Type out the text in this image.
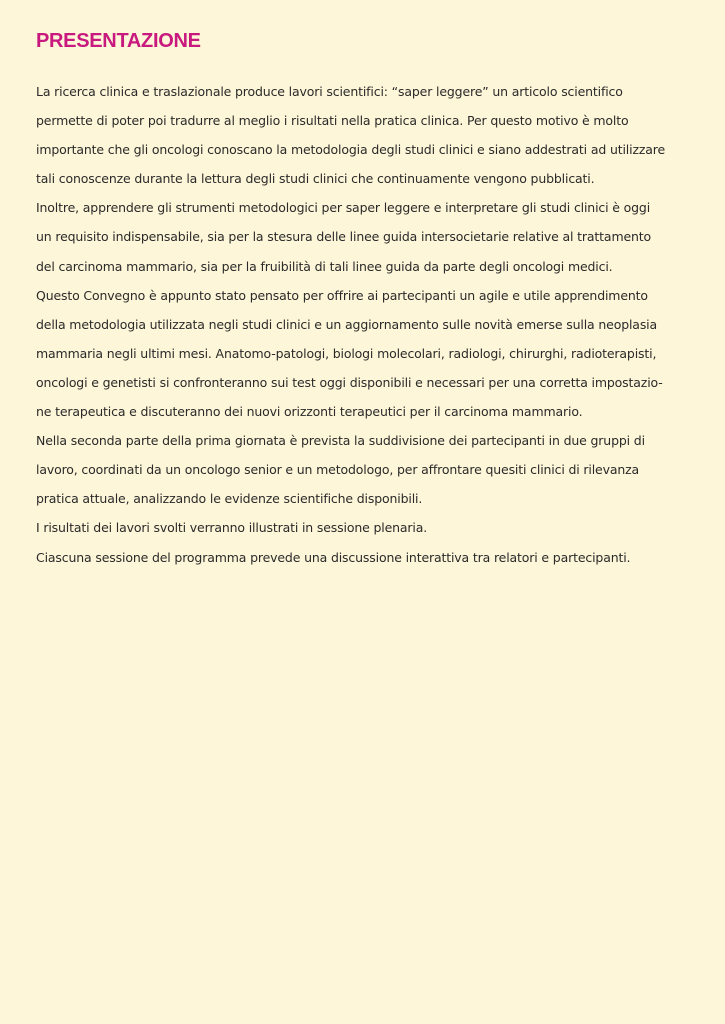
PRESENTAZIONE

La ricerca clinica e traslazionale produce lavori scientifici: “saper leggere” un articolo scientifico
permette di poter poi tradurre al meglio i risultati nella pratica clinica. Per questo motivo è molto
importante che gli oncologi conoscano la metodologia degli studi clinici e siano addestrati ad utilizzare
tali conoscenze durante la lettura degli studi clinici che continuamente vengono pubblicati.

Inoltre, apprendere gli strumenti metodologici per saper leggere e interpretare gli studi clinici è oggi
un requisito indispensabile, sia per la stesura delle linee guida intersocietarie relative al trattamento
del carcinoma mammario, sia per la fruibilità di tali linee guida da parte degli oncologi medici.

Questo Convegno è appunto stato pensato per offrire ai partecipanti un agile e utile apprendimento
della metodologia utilizzata negli studi clinici e un aggiornamento sulle novità emerse sulla neoplasia
mammaria negli ultimi mesi. Anatomo-patologi, biologi molecolari, radiologi, chirurghi, radioterapisti,
oncologi e genetisti si confronteranno sui test oggi disponibili e necessari per una corretta impostazio-
ne terapeutica e discuteranno dei nuovi orizzonti terapeutici per il carcinoma mammario.

Nella seconda parte della prima giornata è prevista la suddivisione dei partecipanti in due gruppi di
lavoro, coordinati da un oncologo senior e un metodologo, per affrontare quesiti clinici di rilevanza
pratica attuale, analizzando le evidenze scientifiche disponibili.

I risultati dei lavori svolti verranno illustrati in sessione plenaria.

Ciascuna sessione del programma prevede una discussione interattiva tra relatori e partecipanti.
